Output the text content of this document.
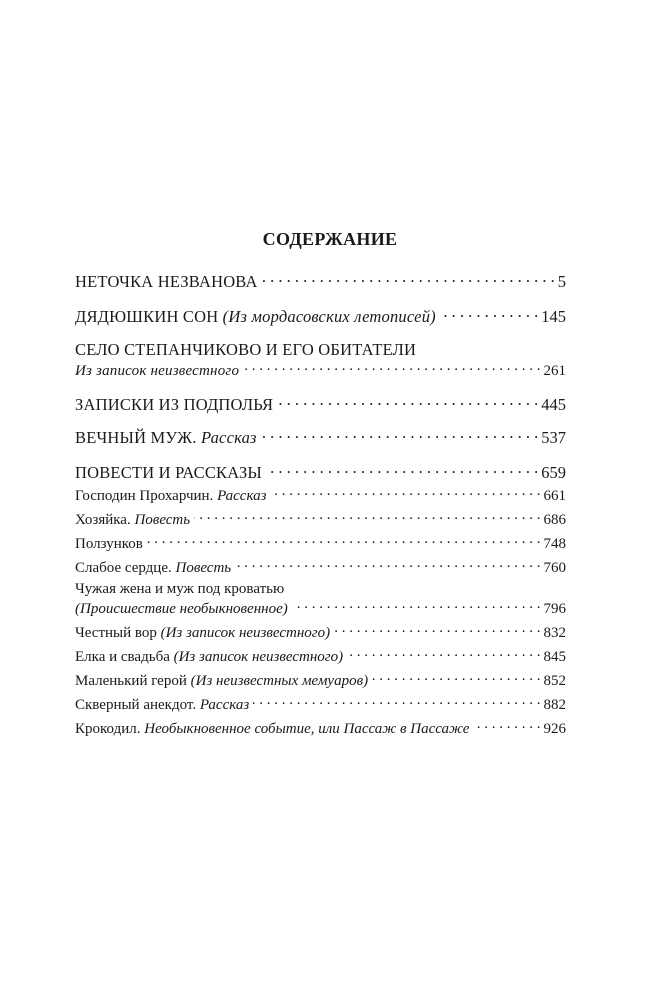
СОДЕРЖАНИЕ
НЕТОЧКА НЕЗВАНОВА . . .	5
ДЯДЮШКИН СОН (Из мордасовских летописей) . . .	145
СЕЛО СТЕПАНЧИКОВО И ЕГО ОБИТАТЕЛИ
Из записок неизвестного . . .	261
ЗАПИСКИ ИЗ ПОДПОЛЬЯ . . .	445
ВЕЧНЫЙ МУЖ. Рассказ . . .	537
ПОВЕСТИ И РАССКАЗЫ . . .	659
Господин Прохарчин. Рассказ . . .	661
Хозяйка. Повесть . . .	686
Ползунков . . .	748
Слабое сердце. Повесть . . .	760
Чужая жена и муж под кроватью
(Происшествие необыкновенное) . . .	796
Честный вор (Из записок неизвестного) . . .	832
Елка и свадьба (Из записок неизвестного) . . .	845
Маленький герой (Из неизвестных мемуаров) . . .	852
Скверный анекдот. Рассказ . . .	882
Крокодил. Необыкновенное событие, или Пассаж в Пассаже . . .	926
